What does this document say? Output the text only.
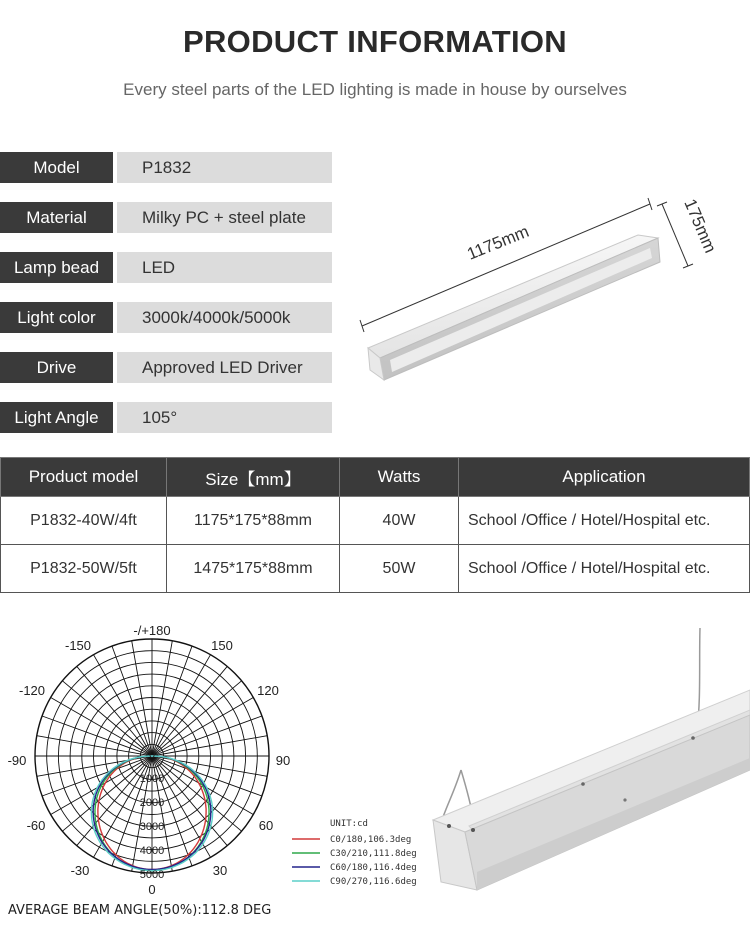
PRODUCT INFORMATION
Every steel parts of the LED lighting is made in house by ourselves
Model	P1832
Material	Milky PC + steel plate
Lamp bead	LED
Light color	3000k/4000k/5000k
Drive	Approved LED Driver
Light Angle	105°
1175mm	175mm
Product model	Size【mm】	Watts	Application
P1832-40W/4ft	1175*175*88mm	40W	School /Office / Hotel/Hospital etc.
P1832-50W/5ft	1475*175*88mm	50W	School /Office / Hotel/Hospital etc.
-/+180
-150	150
-120	120
-90	90
-60	60
-30	30
0
0
1000
2000
3000
4000
5000
UNIT:cd
C0/180,106.3deg
C30/210,111.8deg
C60/180,116.4deg
C90/270,116.6deg
AVERAGE BEAM ANGLE(50%):112.8 DEG
